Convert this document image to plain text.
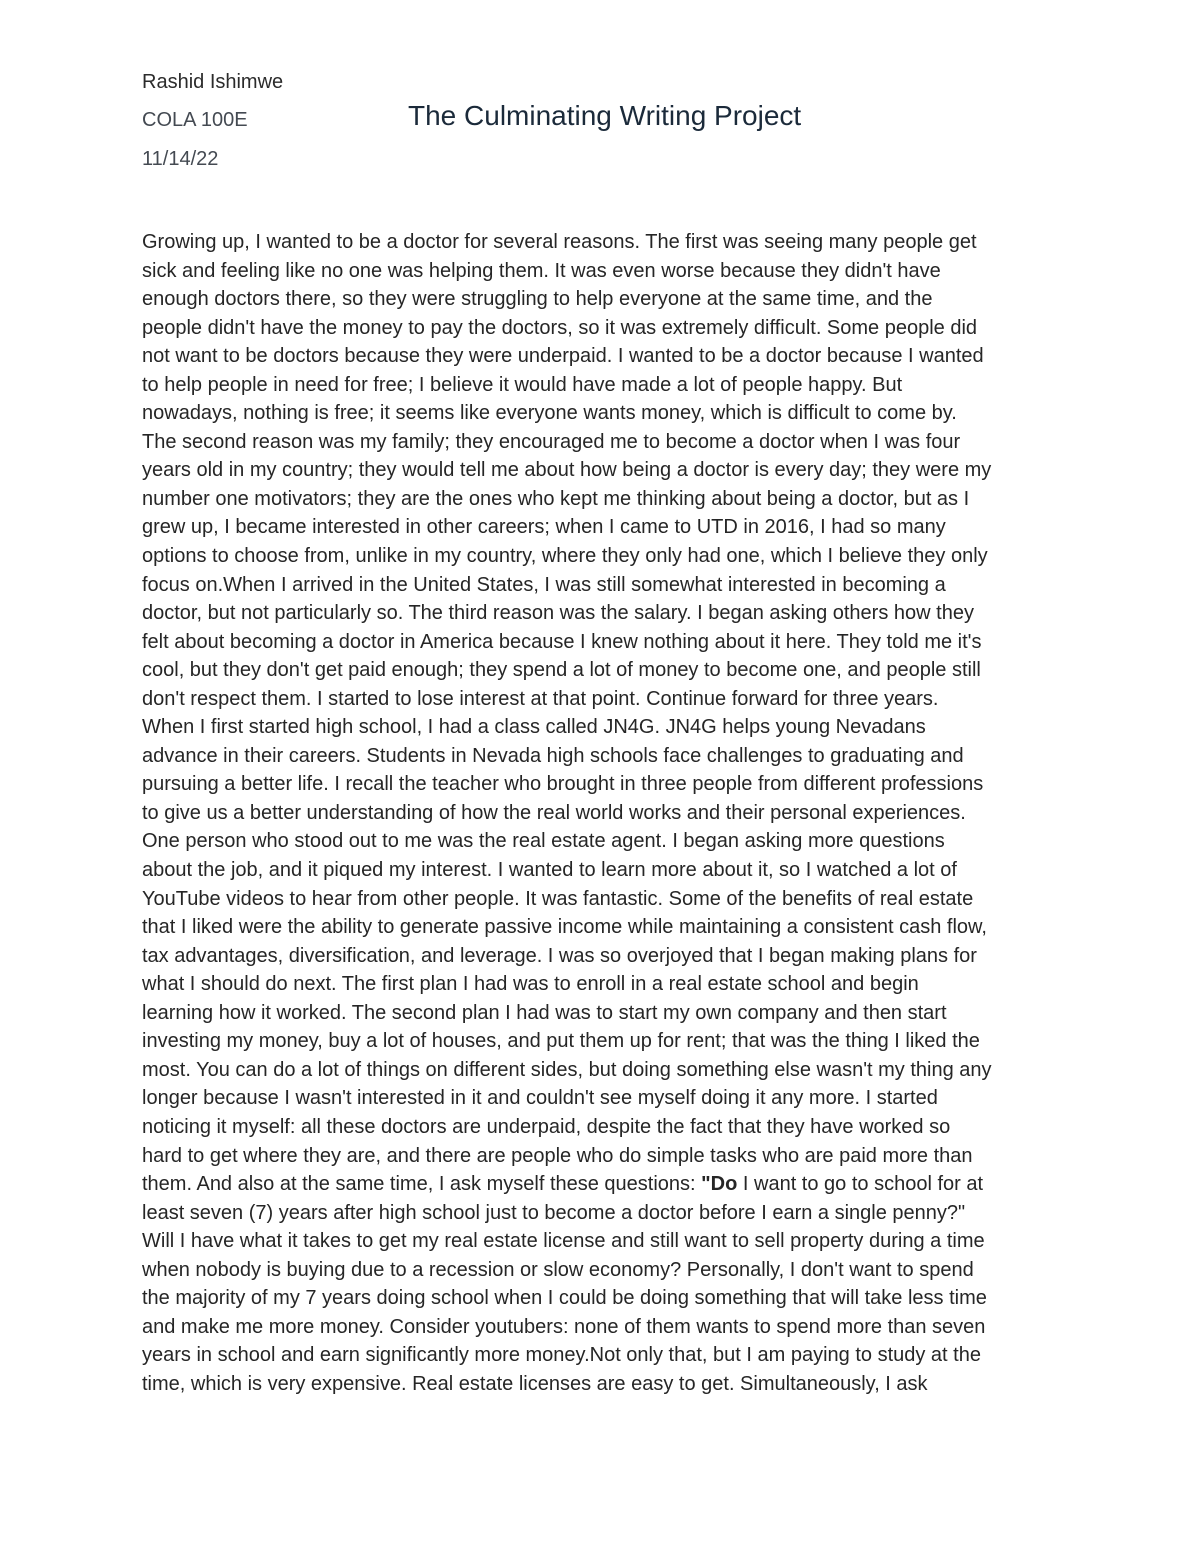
Rashid Ishimwe
COLA 100E
11/14/22
The Culminating Writing Project
Growing up, I wanted to be a doctor for several reasons. The first was seeing many people get
sick and feeling like no one was helping them. It was even worse because they didn't have
enough doctors there, so they were struggling to help everyone at the same time, and the
people didn't have the money to pay the doctors, so it was extremely difficult. Some people did
not want to be doctors because they were underpaid. I wanted to be a doctor because I wanted
to help people in need for free; I believe it would have made a lot of people happy. But
nowadays, nothing is free; it seems like everyone wants money, which is difficult to come by.
The second reason was my family; they encouraged me to become a doctor when I was four
years old in my country; they would tell me about how being a doctor is every day; they were my
number one motivators; they are the ones who kept me thinking about being a doctor, but as I
grew up, I became interested in other careers; when I came to UTD in 2016, I had so many
options to choose from, unlike in my country, where they only had one, which I believe they only
focus on.When I arrived in the United States, I was still somewhat interested in becoming a
doctor, but not particularly so. The third reason was the salary. I began asking others how they
felt about becoming a doctor in America because I knew nothing about it here. They told me it's
cool, but they don't get paid enough; they spend a lot of money to become one, and people still
don't respect them. I started to lose interest at that point. Continue forward for three years.
When I first started high school, I had a class called JN4G. JN4G helps young Nevadans
advance in their careers. Students in Nevada high schools face challenges to graduating and
pursuing a better life. I recall the teacher who brought in three people from different professions
to give us a better understanding of how the real world works and their personal experiences.
One person who stood out to me was the real estate agent. I began asking more questions
about the job, and it piqued my interest. I wanted to learn more about it, so I watched a lot of
YouTube videos to hear from other people. It was fantastic. Some of the benefits of real estate
that I liked were the ability to generate passive income while maintaining a consistent cash flow,
tax advantages, diversification, and leverage. I was so overjoyed that I began making plans for
what I should do next. The first plan I had was to enroll in a real estate school and begin
learning how it worked. The second plan I had was to start my own company and then start
investing my money, buy a lot of houses, and put them up for rent; that was the thing I liked the
most. You can do a lot of things on different sides, but doing something else wasn't my thing any
longer because I wasn't interested in it and couldn't see myself doing it any more. I started
noticing it myself: all these doctors are underpaid, despite the fact that they have worked so
hard to get where they are, and there are people who do simple tasks who are paid more than
them. And also at the same time, I ask myself these questions: "Do I want to go to school for at
least seven (7) years after high school just to become a doctor before I earn a single penny?"
Will I have what it takes to get my real estate license and still want to sell property during a time
when nobody is buying due to a recession or slow economy? Personally, I don't want to spend
the majority of my 7 years doing school when I could be doing something that will take less time
and make me more money. Consider youtubers: none of them wants to spend more than seven
years in school and earn significantly more money.Not only that, but I am paying to study at the
time, which is very expensive. Real estate licenses are easy to get. Simultaneously, I ask
